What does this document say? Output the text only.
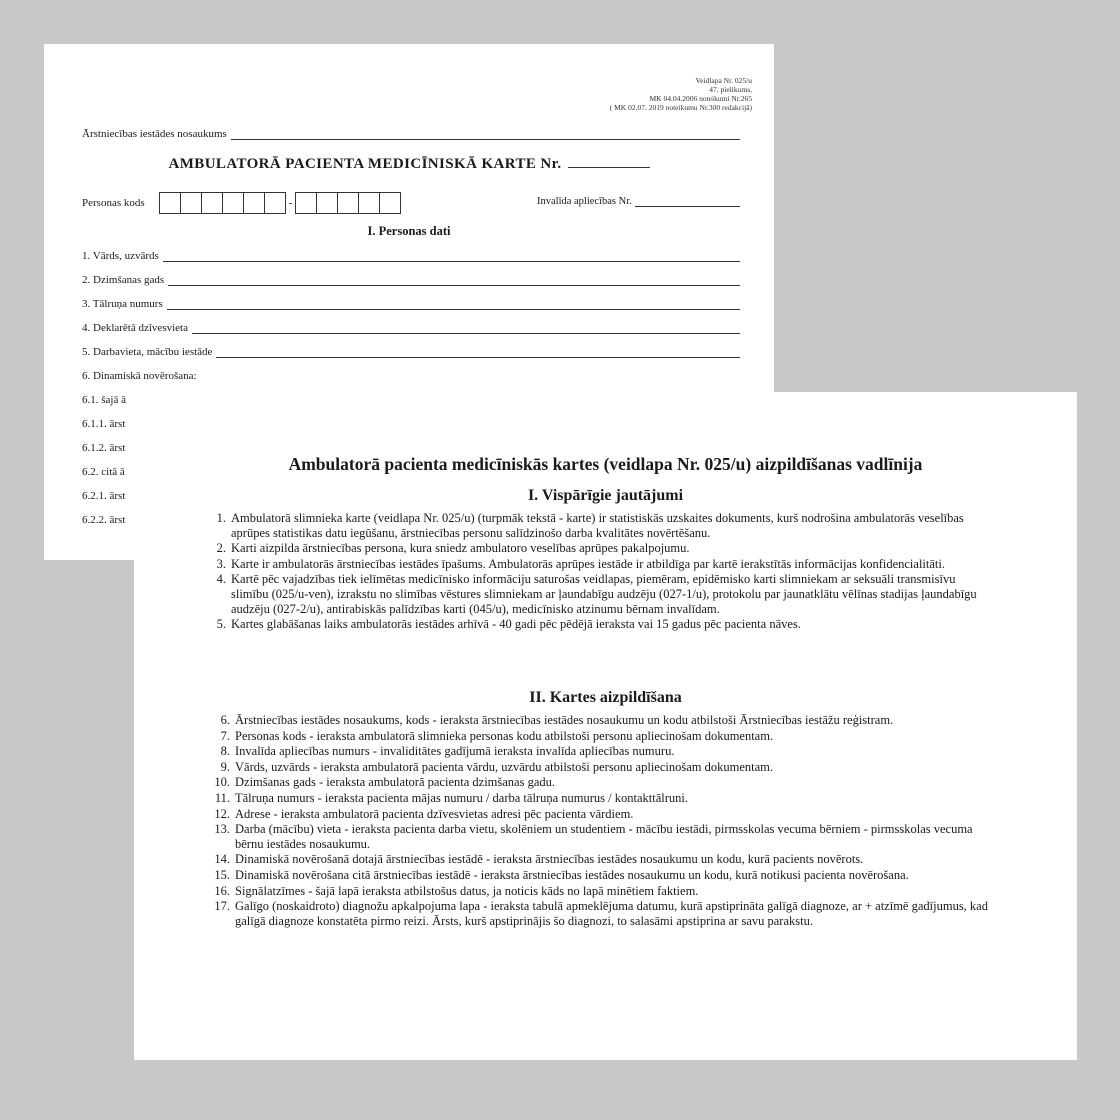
Veidlapa Nr. 025/u
47. pielikums,
MK 04.04.2006 noteikumi Nr.265
( MK 02.07. 2019 noteikumu Nr.300 redakcijā)
Ārstniecības iestādes nosaukums
AMBULATORĀ PACIENTA MEDICĪNISKĀ KARTE Nr.
Personas kods	-	Invalīda apliecības Nr.
I. Personas dati
1. Vārds, uzvārds
2. Dzimšanas gads
3. Tālruņa numurs
4. Deklarētā dzīvesvieta
5. Darbavieta, mācību iestāde
6. Dinamiskā novērošana:
6.1. šajā ā
6.1.1. ārst
6.1.2. ārst
6.2. citā ā
6.2.1. ārst
6.2.2. ārst
Ambulatorā pacienta medicīniskās kartes (veidlapa Nr. 025/u) aizpildīšanas vadlīnija
I. Vispārīgie jautājumi
1. Ambulatorā slimnieka karte (veidlapa Nr. 025/u) (turpmāk tekstā - karte) ir statistiskās uzskaites dokuments, kurš nodrošina ambulatorās veselības aprūpes statistikas datu iegūšanu, ārstniecības personu salīdzinošo darba kvalitātes novērtēšanu.
2. Karti aizpilda ārstniecības persona, kura sniedz ambulatoro veselības aprūpes pakalpojumu.
3. Karte ir ambulatorās ārstniecības iestādes īpašums. Ambulatorās aprūpes iestāde ir atbildīga par kartē ierakstītās informācijas konfidencialitāti.
4. Kartē pēc vajadzības tiek ielīmētas medicīnisko informāciju saturošas veidlapas, piemēram, epidēmisko karti slimniekam ar seksuāli transmisīvu slimību (025/u-ven), izrakstu no slimības vēstures slimniekam ar ļaundabīgu audzēju (027-1/u), protokolu par jaunatklātu vēlīnas stadijas ļaundabīgu audzēju (027-2/u), antirabiskās palīdzības karti (045/u), medicīnisko atzinumu bērnam invalīdam.
5. Kartes glabāšanas laiks ambulatorās iestādes arhīvā - 40 gadi pēc pēdējā ieraksta vai 15 gadus pēc pacienta nāves.
II. Kartes aizpildīšana
6. Ārstniecības iestādes nosaukums, kods - ieraksta ārstniecības iestādes nosaukumu un kodu atbilstoši Ārstniecības iestāžu reģistram.
7. Personas kods - ieraksta ambulatorā slimnieka personas kodu atbilstoši personu apliecinošam dokumentam.
8. Invalīda apliecības numurs - invaliditātes gadījumā ieraksta invalīda apliecības numuru.
9. Vārds, uzvārds - ieraksta ambulatorā pacienta vārdu, uzvārdu atbilstoši personu apliecinošam dokumentam.
10. Dzimšanas gads - ieraksta ambulatorā pacienta dzimšanas gadu.
11. Tālruņa numurs - ieraksta pacienta mājas numuru / darba tālruņa numurus / kontakttālruni.
12. Adrese - ieraksta ambulatorā pacienta dzīvesvietas adresi pēc pacienta vārdiem.
13. Darba (mācību) vieta - ieraksta pacienta darba vietu, skolēniem un studentiem - mācību iestādi, pirmsskolas vecuma bērniem - pirmsskolas vecuma bērnu iestādes nosaukumu.
14. Dinamiskā novērošanā dotajā ārstniecības iestādē - ieraksta ārstniecības iestādes nosaukumu un kodu, kurā pacients novērots.
15. Dinamiskā novērošana citā ārstniecības iestādē - ieraksta ārstniecības iestādes nosaukumu un kodu, kurā notikusi pacienta novērošana.
16. Signālatzīmes - šajā lapā ieraksta atbilstošus datus, ja noticis kāds no lapā minētiem faktiem.
17. Galīgo (noskaidroto) diagnožu apkalpojuma lapa - ieraksta tabulā apmeklējuma datumu, kurā apstiprināta galīgā diagnoze, ar + atzīmē gadījumus, kad galīgā diagnoze konstatēta pirmo reizi. Ārsts, kurš apstiprinājis šo diagnozi, to salasāmi apstiprina ar savu parakstu.
